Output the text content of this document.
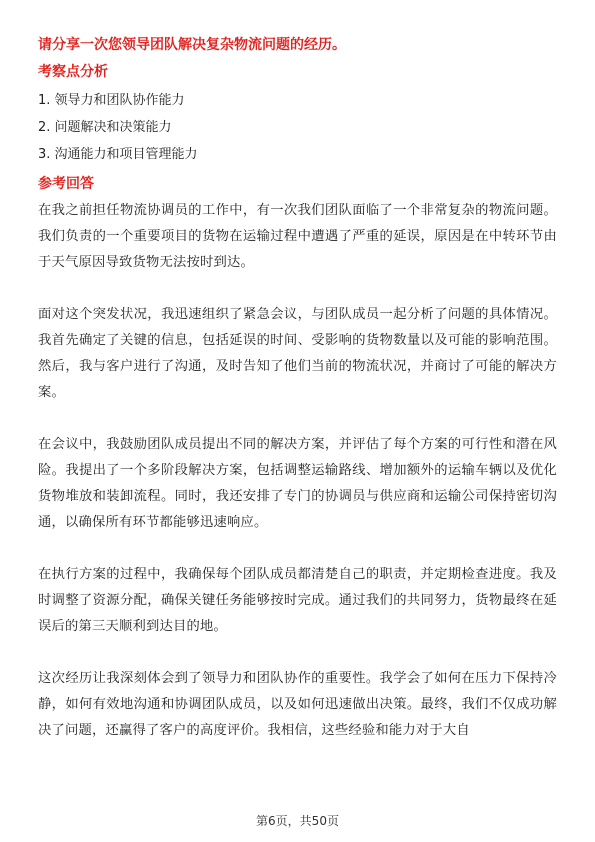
请分享一次您领导团队解决复杂物流问题的经历。
考察点分析
1. 领导力和团队协作能力
2. 问题解决和决策能力
3. 沟通能力和项目管理能力
参考回答

在我之前担任物流协调员的工作中，有一次我们团队面临了一个非常复杂的物流问题。我们负责的一个重要项目的货物在运输过程中遭遇了严重的延误，原因是在中转环节由于天气原因导致货物无法按时到达。

面对这个突发状况，我迅速组织了紧急会议，与团队成员一起分析了问题的具体情况。我首先确定了关键的信息，包括延误的时间、受影响的货物数量以及可能的影响范围。然后，我与客户进行了沟通，及时告知了他们当前的物流状况，并商讨了可能的解决方案。

在会议中，我鼓励团队成员提出不同的解决方案，并评估了每个方案的可行性和潜在风险。我提出了一个多阶段解决方案，包括调整运输路线、增加额外的运输车辆以及优化货物堆放和装卸流程。同时，我还安排了专门的协调员与供应商和运输公司保持密切沟通，以确保所有环节都能够迅速响应。

在执行方案的过程中，我确保每个团队成员都清楚自己的职责，并定期检查进度。我及时调整了资源分配，确保关键任务能够按时完成。通过我们的共同努力，货物最终在延误后的第三天顺利到达目的地。

这次经历让我深刻体会到了领导力和团队协作的重要性。我学会了如何在压力下保持冷静，如何有效地沟通和协调团队成员，以及如何迅速做出决策。最终，我们不仅成功解决了问题，还赢得了客户的高度评价。我相信，这些经验和能力对于大自

第6页，共50页
